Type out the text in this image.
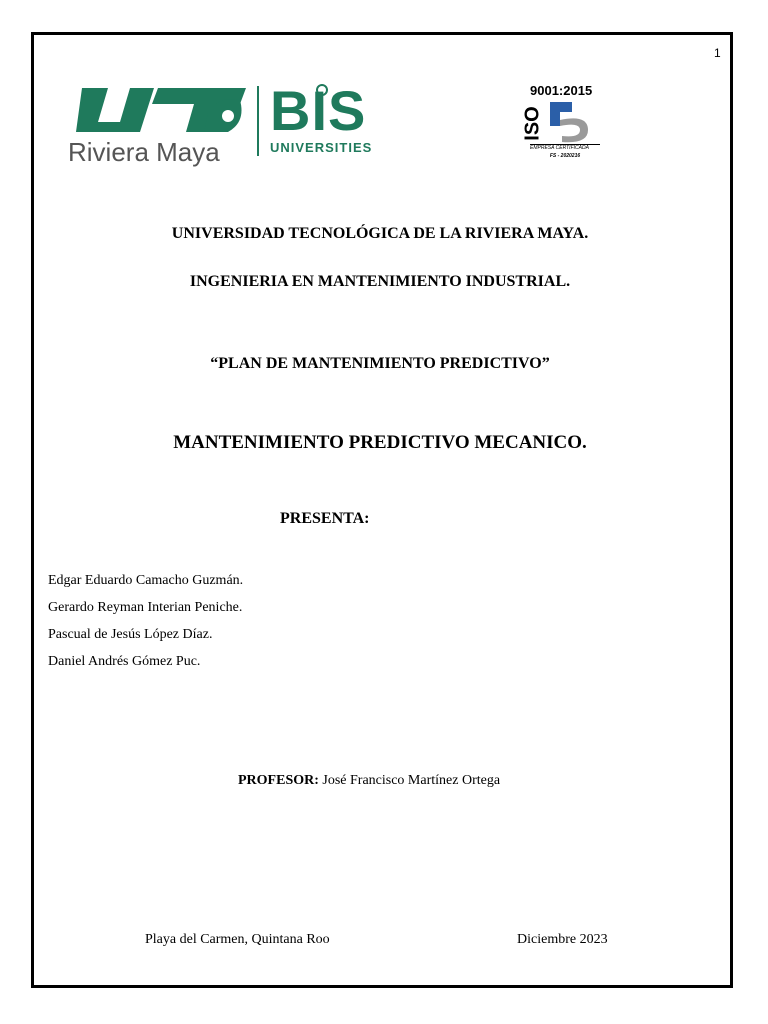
1
Riviera Maya
BIS
UNIVERSITIES
9001:2015
ISO
EMPRESA CERTIFICADA
FS - 2020216
UNIVERSIDAD TECNOLÓGICA DE LA RIVIERA MAYA.
INGENIERIA EN MANTENIMIENTO INDUSTRIAL.
“PLAN DE MANTENIMIENTO PREDICTIVO”
MANTENIMIENTO PREDICTIVO MECANICO.
PRESENTA:
Edgar Eduardo Camacho Guzmán.
Gerardo Reyman Interian Peniche.
Pascual de Jesús López Díaz.
Daniel Andrés Gómez Puc.
PROFESOR: José Francisco Martínez Ortega
Playa del Carmen, Quintana Roo	Diciembre 2023
